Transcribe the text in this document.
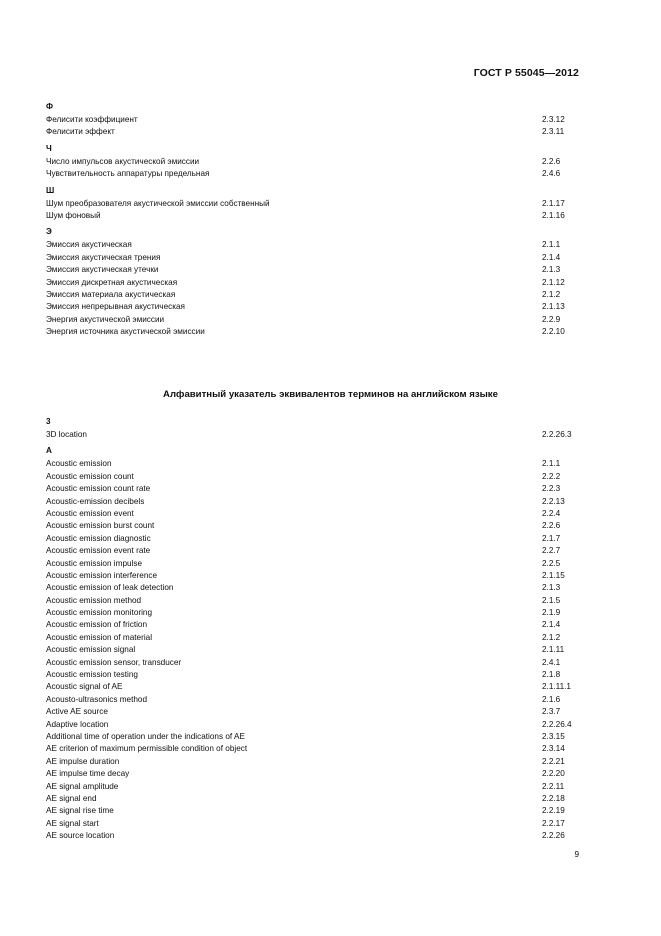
ГОСТ Р 55045—2012
Ф
Фелисити коэффициент	2.3.12
Фелисити эффект	2.3.11
Ч
Число импульсов акустической эмиссии	2.2.6
Чувствительность аппаратуры предельная	2.4.6
Ш
Шум преобразователя акустической эмиссии собственный	2.1.17
Шум фоновый	2.1.16
Э
Эмиссия акустическая	2.1.1
Эмиссия акустическая трения	2.1.4
Эмиссия акустическая утечки	2.1.3
Эмиссия дискретная акустическая	2.1.12
Эмиссия материала акустическая	2.1.2
Эмиссия непрерывная акустическая	2.1.13
Энергия акустической эмиссии	2.2.9
Энергия источника акустической эмиссии	2.2.10
Алфавитный указатель эквивалентов терминов на английском языке
3
3D location	2.2.26.3
A
Acoustic emission	2.1.1
Acoustic emission count	2.2.2
Acoustic emission count rate	2.2.3
Acoustic-emission decibels	2.2.13
Acoustic emission event	2.2.4
Acoustic emission burst count	2.2.6
Acoustic emission diagnostic	2.1.7
Acoustic emission event rate	2.2.7
Acoustic emission impulse	2.2.5
Acoustic emission interference	2.1.15
Acoustic emission of leak detection	2.1.3
Acoustic emission method	2.1.5
Acoustic emission monitoring	2.1.9
Acoustic emission of friction	2.1.4
Acoustic emission of material	2.1.2
Acoustic emission signal	2.1.11
Acoustic emission sensor, transducer	2.4.1
Acoustic emission testing	2.1.8
Acoustic signal of AE	2.1.11.1
Acousto-ultrasonics method	2.1.6
Active AE source	2.3.7
Adaptive location	2.2.26.4
Additional time of operation under the indications of AE	2.3.15
AE criterion of maximum permissible condition of object	2.3.14
AE impulse duration	2.2.21
AE impulse time decay	2.2.20
AE signal amplitude	2.2.11
AE signal end	2.2.18
AE signal rise time	2.2.19
AE signal start	2.2.17
AE source location	2.2.26
9
